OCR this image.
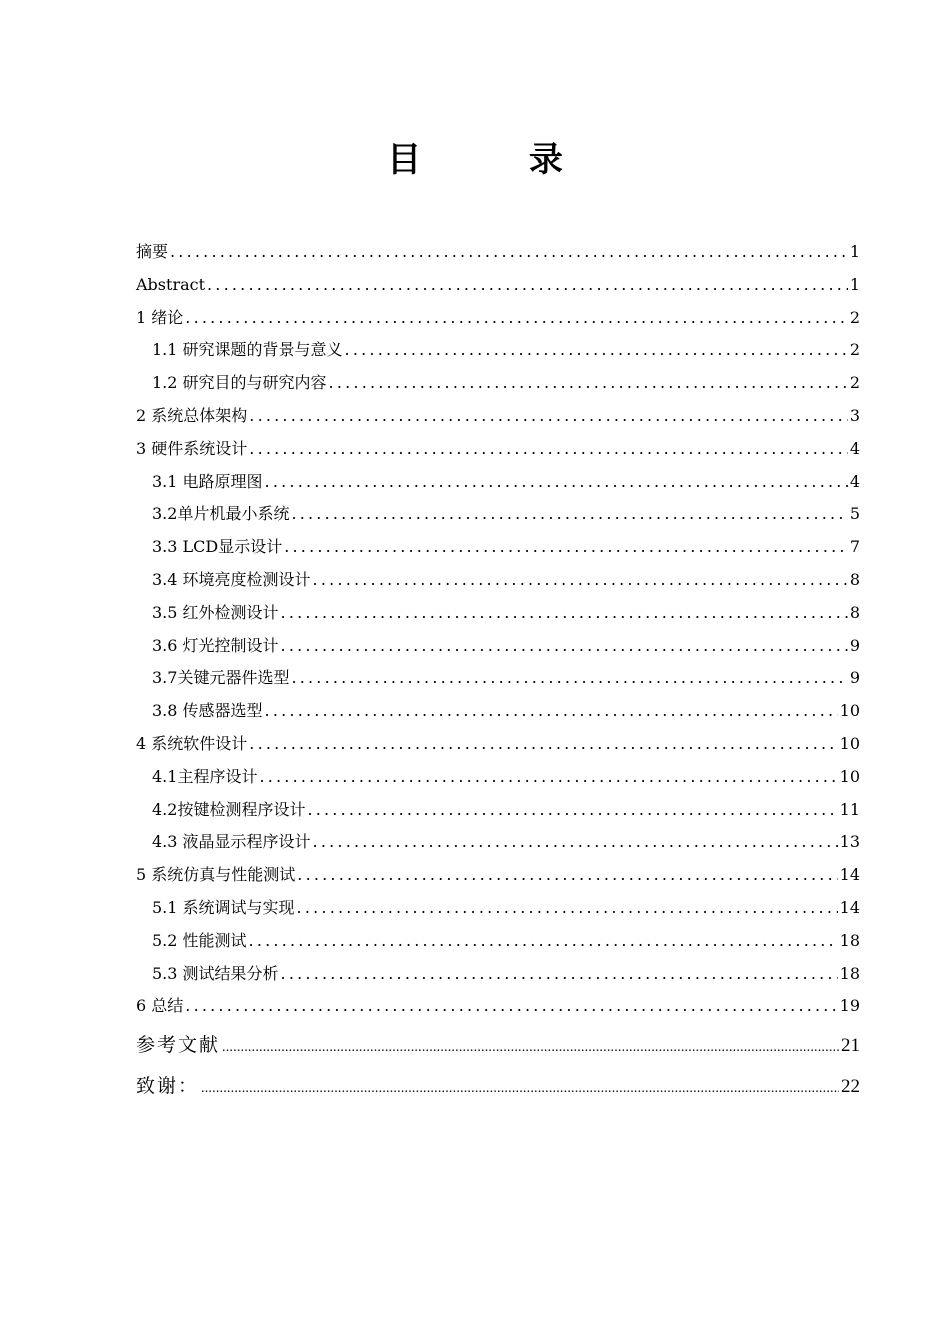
目 录
摘要 .....	1
Abstract .....	1
1 绪论 .....	2
1.1 研究课题的背景与意义 .....	2
1.2 研究目的与研究内容 .....	2
2 系统总体架构 .....	3
3 硬件系统设计 .....	4
3.1 电路原理图 .....	4
3.2单片机最小系统 .....	5
3.3 LCD显示设计 .....	7
3.4 环境亮度检测设计 .....	8
3.5 红外检测设计 .....	8
3.6 灯光控制设计 .....	9
3.7关键元器件选型 .....	9
3.8 传感器选型 .....	10
4 系统软件设计 .....	10
4.1主程序设计 .....	10
4.2按键检测程序设计 .....	11
4.3 液晶显示程序设计 .....	13
5 系统仿真与性能测试 .....	14
5.1 系统调试与实现 .....	14
5.2 性能测试 .....	18
5.3 测试结果分析 .....	18
6 总结 .....	19
参考文献 .....	21
致谢： .....	22
